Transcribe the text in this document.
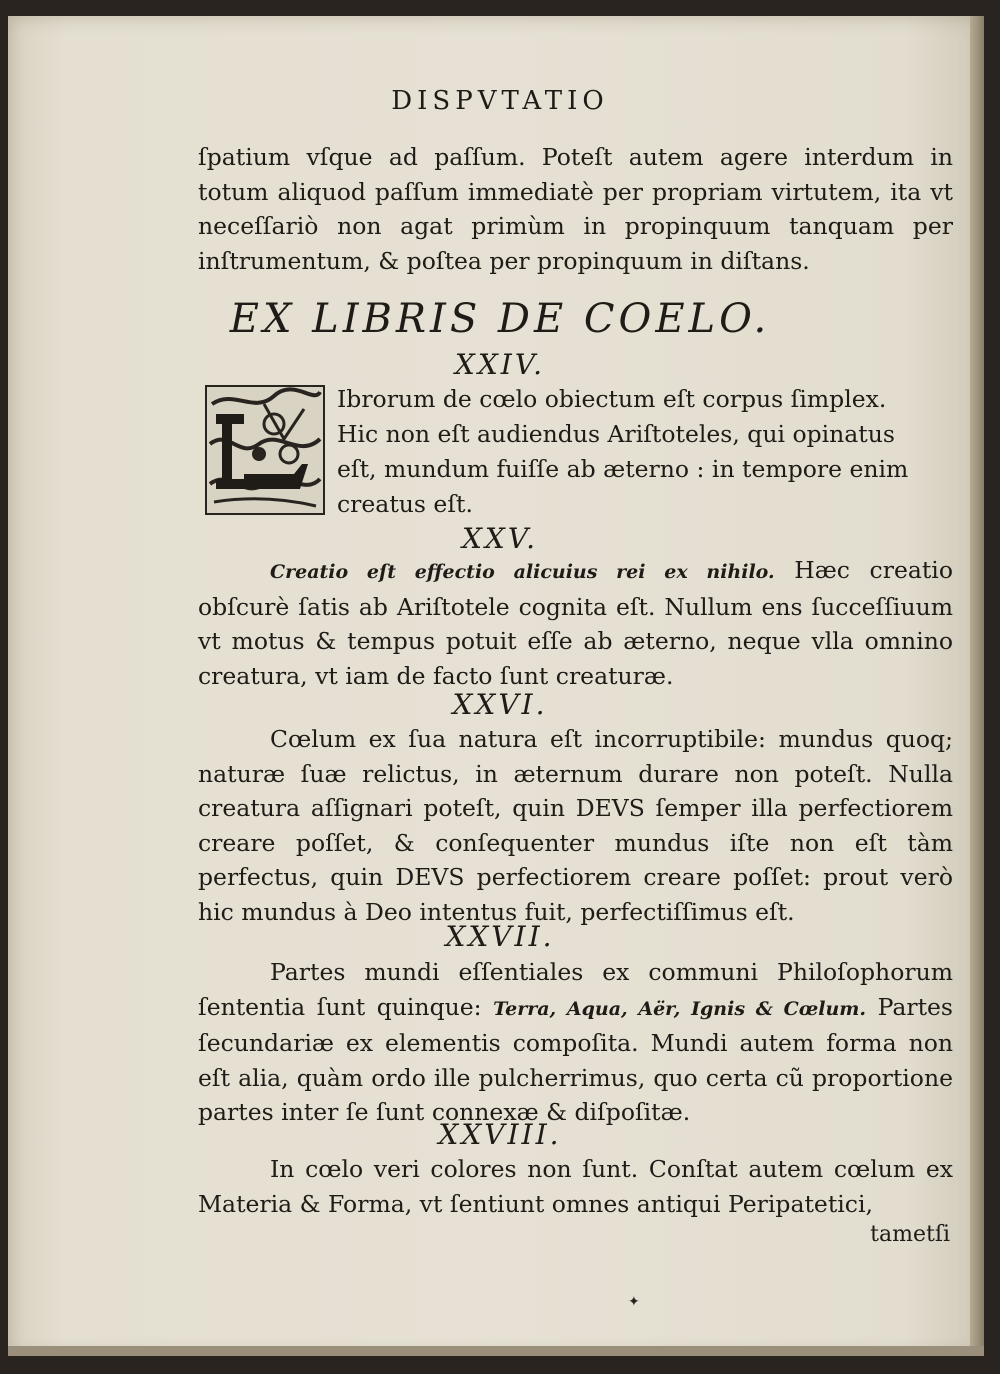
DISPVTATIO

ſpatium vſque ad paſſum. Poteſt autem agere interdum in totum aliquod paſſum immediatè per propriam virtutem, ita vt neceſſariò non agat primùm in propinquum tanquam per inſtrumentum, & poſtea per propinquum in diſtans.

EX LIBRIS DE COELO.
XXIV.

Ibrorum de cœlo obiectum eſt corpus ſimplex.

Hic non eſt audiendus Ariſtoteles, qui opinatus

eſt, mundum fuiſſe ab æterno : in tempore enim

creatus eſt.

XXV.

Creatio eſt effectio alicuius rei ex nihilo. Hæc creatio obſcurè ſatis ab Ariſtotele cognita eſt. Nullum ens ſucceſſiuum vt motus & tempus potuit eſſe ab æterno, neque vlla omnino creatura, vt iam de facto ſunt creaturæ.

XXVI.

Cœlum ex ſua natura eſt incorruptibile: mundus quoq; naturæ ſuæ relictus, in æternum durare non poteſt. Nulla creatura aſſignari poteſt, quin DEVS ſemper illa perfectiorem creare poſſet, & conſequenter mundus iſte non eſt tàm perfectus, quin DEVS perfectiorem creare poſſet: prout verò hic mundus à Deo intentus fuit, perfectiſſimus eſt.

XXVII.

Partes mundi eſſentiales ex communi Philoſophorum ſententia ſunt quinque: Terra, Aqua, Aër, Ignis & Cœlum. Partes ſecundariæ ex elementis compoſita. Mundi autem forma non eſt alia, quàm ordo ille pulcherrimus, quo certa cũ proportione partes inter ſe ſunt connexæ & diſpoſitæ.

XXVIII.

In cœlo veri colores non ſunt. Conſtat autem cœlum ex Materia & Forma, vt ſentiunt omnes antiqui Peripatetici,

tametſi
✦
